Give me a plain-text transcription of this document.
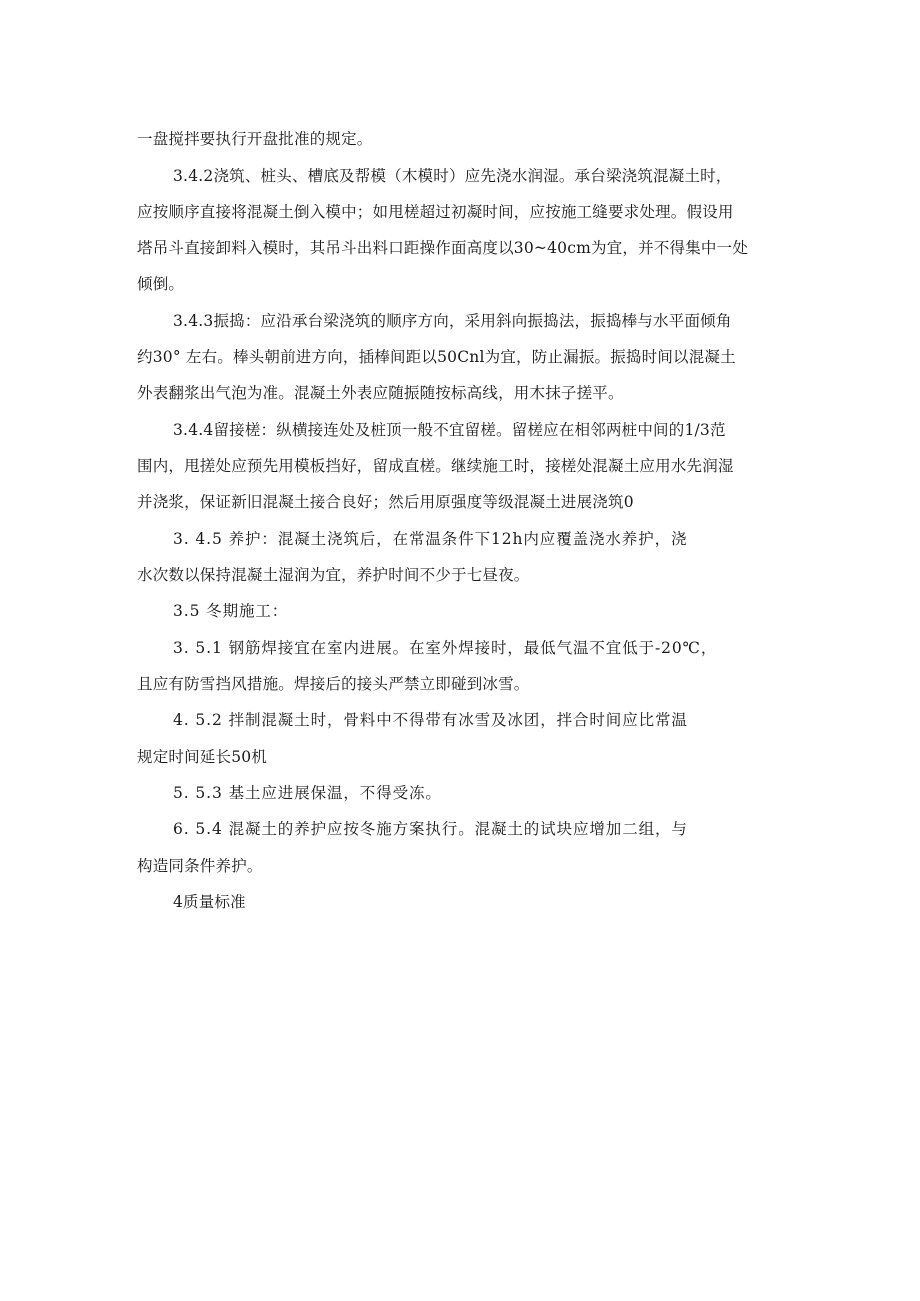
一盘搅拌要执行开盘批准的规定。
3.4.2浇筑、桩头、槽底及帮模（木模时）应先浇水润湿。承台梁浇筑混凝土时，
应按顺序直接将混凝土倒入模中；如甩槎超过初凝时间，应按施工缝要求处理。假设用
塔吊斗直接卸料入模时，其吊斗出料口距操作面高度以30~40cm为宜，并不得集中一处
倾倒。
3.4.3振捣：应沿承台梁浇筑的顺序方向，采用斜向振捣法，振捣棒与水平面倾角
约30° 左右。棒头朝前进方向，插棒间距以50Cnl为宜，防止漏振。振捣时间以混凝土
外表翻浆出气泡为准。混凝土外表应随振随按标高线，用木抹子搓平。
3.4.4留接槎：纵横接连处及桩顶一般不宜留槎。留槎应在相邻两桩中间的1/3范
围内，甩搓处应预先用模板挡好，留成直槎。继续施工时，接槎处混凝土应用水先润湿
并浇浆，保证新旧混凝土接合良好；然后用原强度等级混凝土进展浇筑0
3. 4.5 养护：混凝土浇筑后，在常温条件下12h内应覆盖浇水养护，浇
水次数以保持混凝土湿润为宜，养护时间不少于七昼夜。
3.5 冬期施工：
3. 5.1 钢筋焊接宜在室内进展。在室外焊接时，最低气温不宜低于-20℃，
且应有防雪挡风措施。焊接后的接头严禁立即碰到冰雪。
4. 5.2 拌制混凝土时，骨料中不得带有冰雪及冰团，拌合时间应比常温
规定时间延长50机
5. 5.3 基土应进展保温，不得受冻。
6. 5.4 混凝土的养护应按冬施方案执行。混凝土的试块应增加二组，与
构造同条件养护。
4质量标准
